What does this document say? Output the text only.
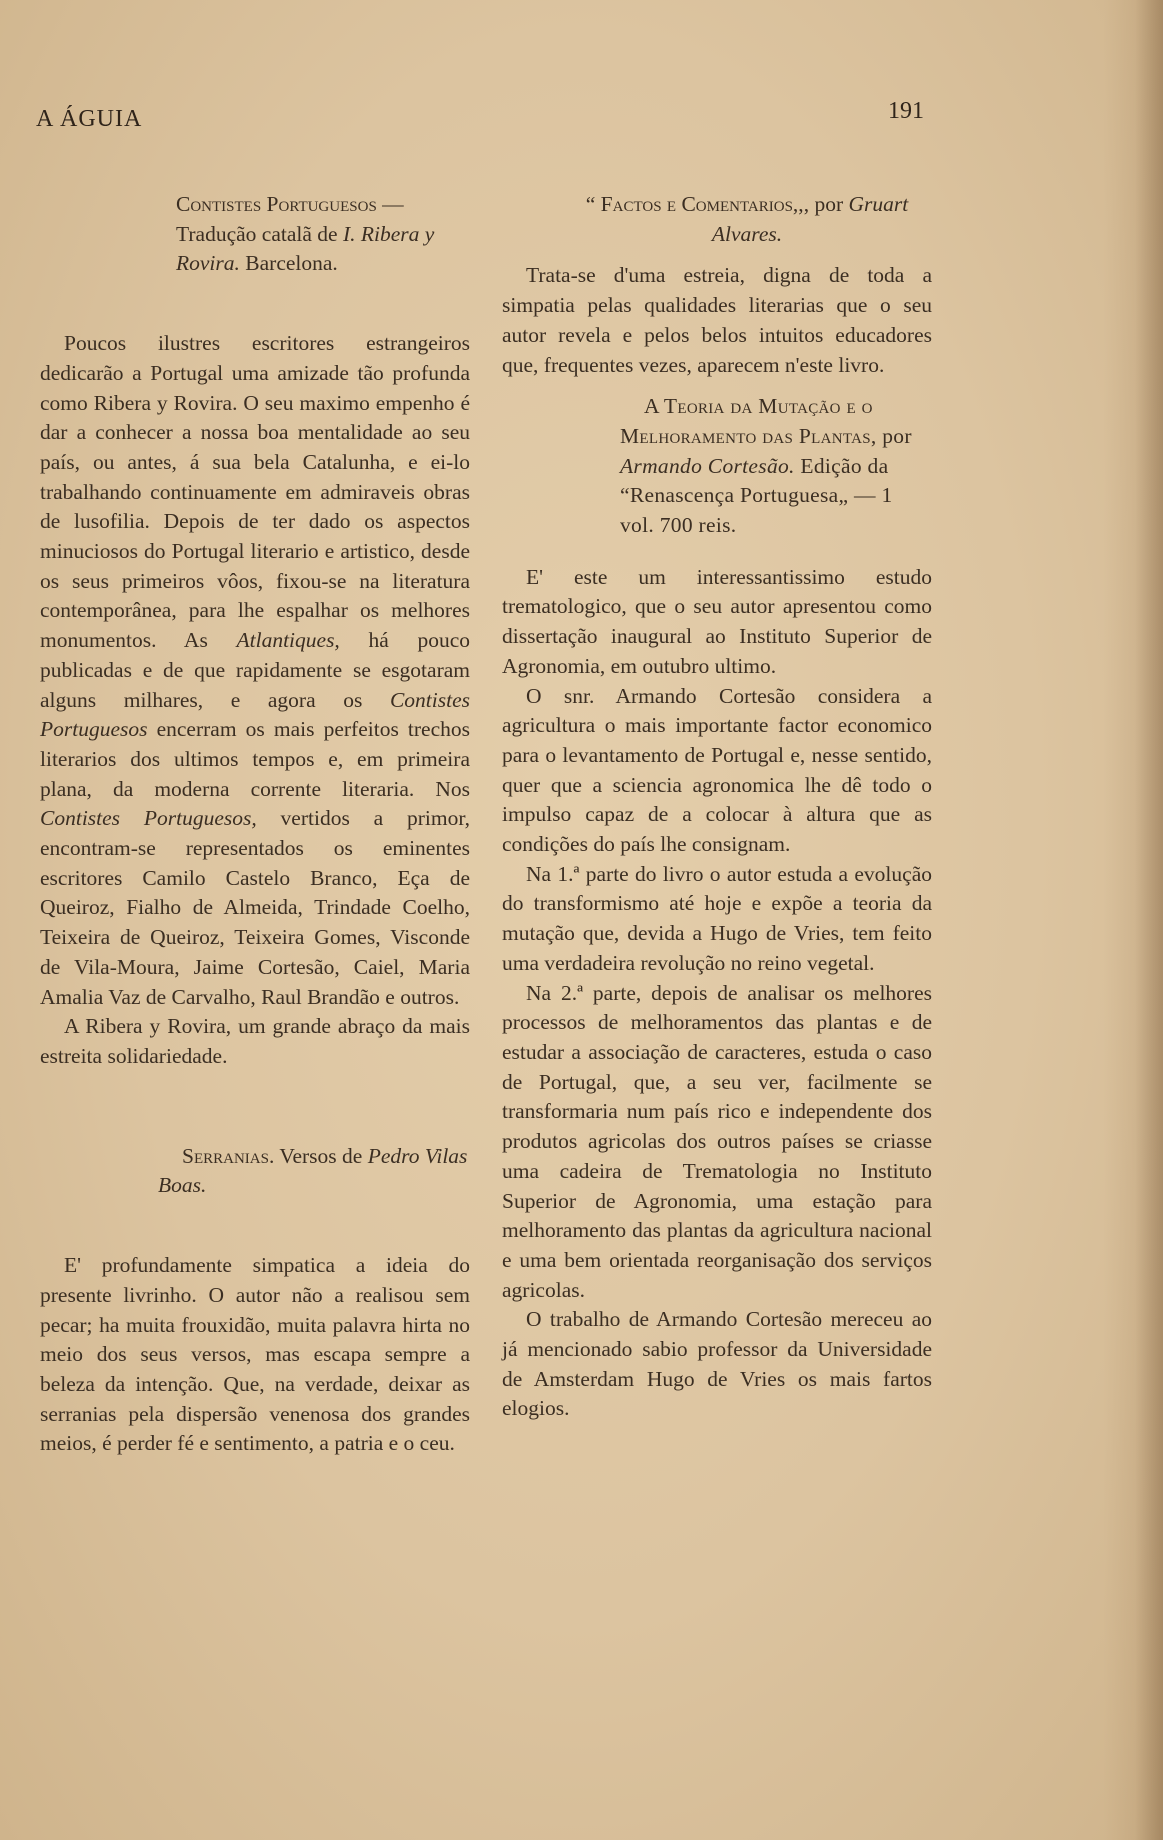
A ÁGUIA	191
Contistes Portuguesos —Tradução catalã de I. Ribera y Rovira. Barcelona.

Poucos ilustres escritores estrangeiros dedicarão a Portugal uma amizade tão profunda como Ribera y Rovira. O seu maximo empenho é dar a conhecer a nossa boa mentalidade ao seu país, ou antes, á sua bela Catalunha, e ei-lo trabalhando continuamente em admiraveis obras de lusofilia. Depois de ter dado os aspectos minuciosos do Portugal literario e artistico, desde os seus primeiros vôos, fixou-se na literatura contemporânea, para lhe espalhar os melhores monumentos. As Atlantiques, há pouco publicadas e de que rapidamente se esgotaram alguns milhares, e agora os Contistes Portuguesos encerram os mais perfeitos trechos literarios dos ultimos tempos e, em primeira plana, da moderna corrente literaria. Nos Contistes Portuguesos, vertidos a primor, encontram-se representados os eminentes escritores Camilo Castelo Branco, Eça de Queiroz, Fialho de Almeida, Trindade Coelho, Teixeira de Queiroz, Teixeira Gomes, Visconde de Vila-Moura, Jaime Cortesão, Caiel, Maria Amalia Vaz de Carvalho, Raul Brandão e outros.

A Ribera y Rovira, um grande abraço da mais estreita solidariedade.

Serranias. Versos de Pedro Vilas Boas.

E' profundamente simpatica a ideia do presente livrinho. O autor não a realisou sem pecar; ha muita frouxidão, muita palavra hirta no meio dos seus versos, mas escapa sempre a beleza da intenção. Que, na verdade, deixar as serranias pela dispersão venenosa dos grandes meios, é perder fé e sentimento, a patria e o ceu.

“ Factos e Comentarios,,, por Gruart Alvares.

Trata-se d'uma estreia, digna de toda a simpatia pelas qualidades literarias que o seu autor revela e pelos belos intuitos educadores que, frequentes vezes, aparecem n'este livro.

A Teoria da Mutação e o Melhoramento das Plantas, por Armando Cortesão. Edição da “Renascença Portuguesa„ — 1 vol. 700 reis.

E' este um interessantissimo estudo trematologico, que o seu autor apresentou como dissertação inaugural ao Instituto Superior de Agronomia, em outubro ultimo.

O snr. Armando Cortesão considera a agricultura o mais importante factor economico para o levantamento de Portugal e, nesse sentido, quer que a sciencia agronomica lhe dê todo o impulso capaz de a colocar à altura que as condições do país lhe consignam.

Na 1.ª parte do livro o autor estuda a evolução do transformismo até hoje e expõe a teoria da mutação que, devida a Hugo de Vries, tem feito uma verdadeira revolução no reino vegetal.

Na 2.ª parte, depois de analisar os melhores processos de melhoramentos das plantas e de estudar a associação de caracteres, estuda o caso de Portugal, que, a seu ver, facilmente se transformaria num país rico e independente dos produtos agricolas dos outros países se criasse uma cadeira de Trematologia no Instituto Superior de Agronomia, uma estação para melhoramento das plantas da agricultura nacional e uma bem orientada reorganisação dos serviços agricolas.

O trabalho de Armando Cortesão mereceu ao já mencionado sabio professor da Universidade de Amsterdam Hugo de Vries os mais fartos elogios.
